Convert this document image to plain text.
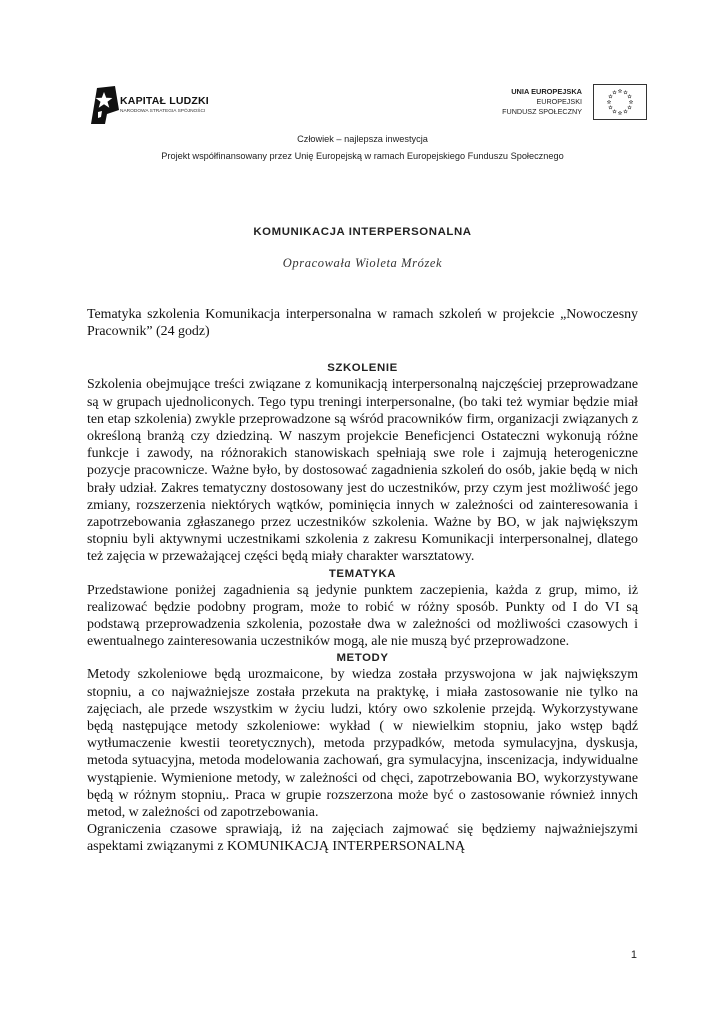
KAPITAŁ LUDZKI
NARODOWA STRATEGIA SPÓJNOŚCI
UNIA EUROPEJSKA
EUROPEJSKI
FUNDUSZ SPOŁECZNY
Człowiek – najlepsza inwestycja
Projekt współfinansowany przez Unię Europejską w ramach Europejskiego Funduszu Społecznego
KOMUNIKACJA INTERPERSONALNA
Opracowała Wioleta Mrózek

Tematyka szkolenia Komunikacja interpersonalna w ramach szkoleń w projekcie „Nowoczesny Pracownik” (24 godz)

SZKOLENIE

Szkolenia obejmujące treści związane z komunikacją interpersonalną najczęściej przeprowadzane są w grupach ujednoliconych. Tego typu treningi interpersonalne, (bo taki też wymiar będzie miał ten etap szkolenia) zwykle przeprowadzone są wśród pracowników firm, organizacji związanych z określoną branżą czy dziedziną. W naszym projekcie Beneficjenci Ostateczni wykonują różne funkcje i zawody, na różnorakich stanowiskach spełniają swe role i zajmują heterogeniczne pozycje pracownicze. Ważne było, by dostosować zagadnienia szkoleń do osób, jakie będą w nich brały udział. Zakres tematyczny dostosowany jest do uczestników, przy czym jest możliwość jego zmiany, rozszerzenia niektórych wątków, pominięcia innych w zależności od zainteresowania i zapotrzebowania zgłaszanego przez uczestników szkolenia. Ważne by BO, w jak największym stopniu byli aktywnymi uczestnikami szkolenia z zakresu Komunikacji interpersonalnej, dlatego też zajęcia w przeważającej części będą miały charakter warsztatowy.

TEMATYKA

Przedstawione poniżej zagadnienia są jedynie punktem zaczepienia, każda z grup, mimo, iż realizować będzie podobny program, może to robić w różny sposób. Punkty od I do VI są podstawą przeprowadzenia szkolenia, pozostałe dwa w zależności od możliwości czasowych i ewentualnego zainteresowania uczestników mogą, ale nie muszą być przeprowadzone.

METODY

Metody szkoleniowe będą urozmaicone, by wiedza została przyswojona w jak największym stopniu, a co najważniejsze została przekuta na praktykę, i miała zastosowanie nie tylko na zajęciach, ale przede wszystkim w życiu ludzi, który owo szkolenie przejdą. Wykorzystywane będą następujące metody szkoleniowe: wykład ( w niewielkim stopniu, jako wstęp bądź wytłumaczenie kwestii teoretycznych), metoda przypadków, metoda symulacyjna, dyskusja, metoda sytuacyjna, metoda modelowania zachowań, gra symulacyjna, inscenizacja, indywidualne wystąpienie. Wymienione metody, w zależności od chęci, zapotrzebowania BO, wykorzystywane będą w różnym stopniu,. Praca w grupie rozszerzona może być o zastosowanie również innych metod, w zależności od zapotrzebowania.

Ograniczenia czasowe sprawiają, iż na zajęciach zajmować się będziemy najważniejszymi aspektami związanymi z KOMUNIKACJĄ INTERPERSONALNĄ

1
